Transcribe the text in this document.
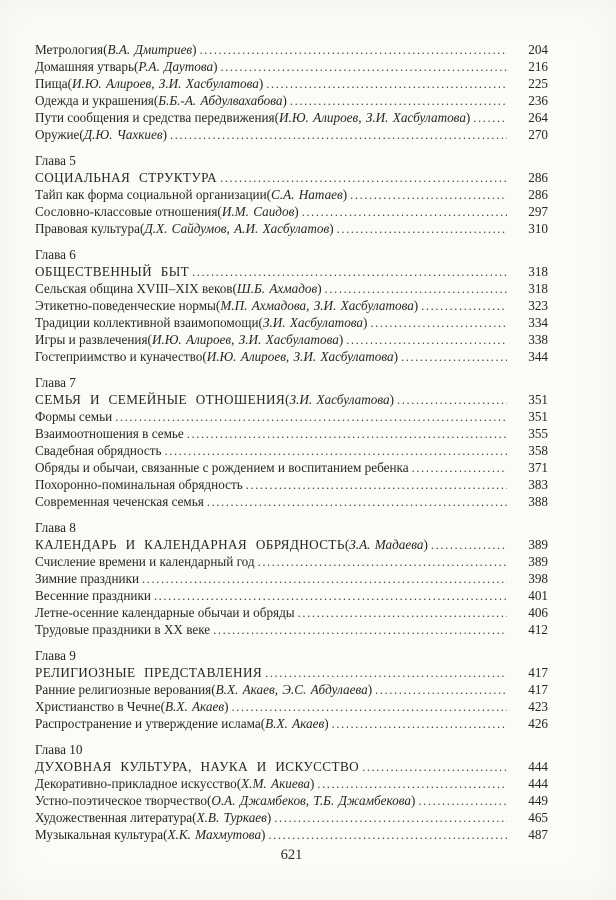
Метрология (В.А. Дмитриев) .....	204
Домашняя утварь (Р.А. Даутова) .....	216
Пища (И.Ю. Алироев, З.И. Хасбулатова) .....	225
Одежда и украшения (Б.Б.-А. Абдулвахабова) .....	236
Пути сообщения и средства передвижения (И.Ю. Алироев, З.И. Хасбулатова) .....	264
Оружие (Д.Ю. Чахкиев) .....	270
Глава 5
СОЦИАЛЬНАЯ СТРУКТУРА .....	286
Тайп как форма социальной организации (С.А. Натаев) .....	286
Сословно-классовые отношения (И.М. Саидов) .....	297
Правовая культура (Д.Х. Сайдумов, А.И. Хасбулатов) .....	310
Глава 6
ОБЩЕСТВЕННЫЙ БЫТ .....	318
Сельская община XVIII–XIX веков (Ш.Б. Ахмадов) .....	318
Этикетно-поведенческие нормы (М.П. Ахмадова, З.И. Хасбулатова) .....	323
Традиции коллективной взаимопомощи (З.И. Хасбулатова) .....	334
Игры и развлечения (И.Ю. Алироев, З.И. Хасбулатова) .....	338
Гостеприимство и куначество (И.Ю. Алироев, З.И. Хасбулатова) .....	344
Глава 7
СЕМЬЯ И СЕМЕЙНЫЕ ОТНОШЕНИЯ (З.И. Хасбулатова) .....	351
Формы семьи .....	351
Взаимоотношения в семье .....	355
Свадебная обрядность .....	358
Обряды и обычаи, связанные с рождением и воспитанием ребенка .....	371
Похоронно-поминальная обрядность .....	383
Современная чеченская семья .....	388
Глава 8
КАЛЕНДАРЬ И КАЛЕНДАРНАЯ ОБРЯДНОСТЬ (З.А. Мадаева) .....	389
Счисление времени и календарный год .....	389
Зимние праздники .....	398
Весенние праздники .....	401
Летне-осенние календарные обычаи и обряды .....	406
Трудовые праздники в XX веке .....	412
Глава 9
РЕЛИГИОЗНЫЕ ПРЕДСТАВЛЕНИЯ .....	417
Ранние религиозные верования (В.Х. Акаев, Э.С. Абдулаева) .....	417
Христианство в Чечне (В.Х. Акаев) .....	423
Распространение и утверждение ислама (В.Х. Акаев) .....	426
Глава 10
ДУХОВНАЯ КУЛЬТУРА, НАУКА И ИСКУССТВО .....	444
Декоративно-прикладное искусство (Х.М. Акиева) .....	444
Устно-поэтическое творчество (О.А. Джамбеков, Т.Б. Джамбекова) .....	449
Художественная литература (Х.В. Туркаев) .....	465
Музыкальная культура (Х.К. Махмутова) .....	487
621
